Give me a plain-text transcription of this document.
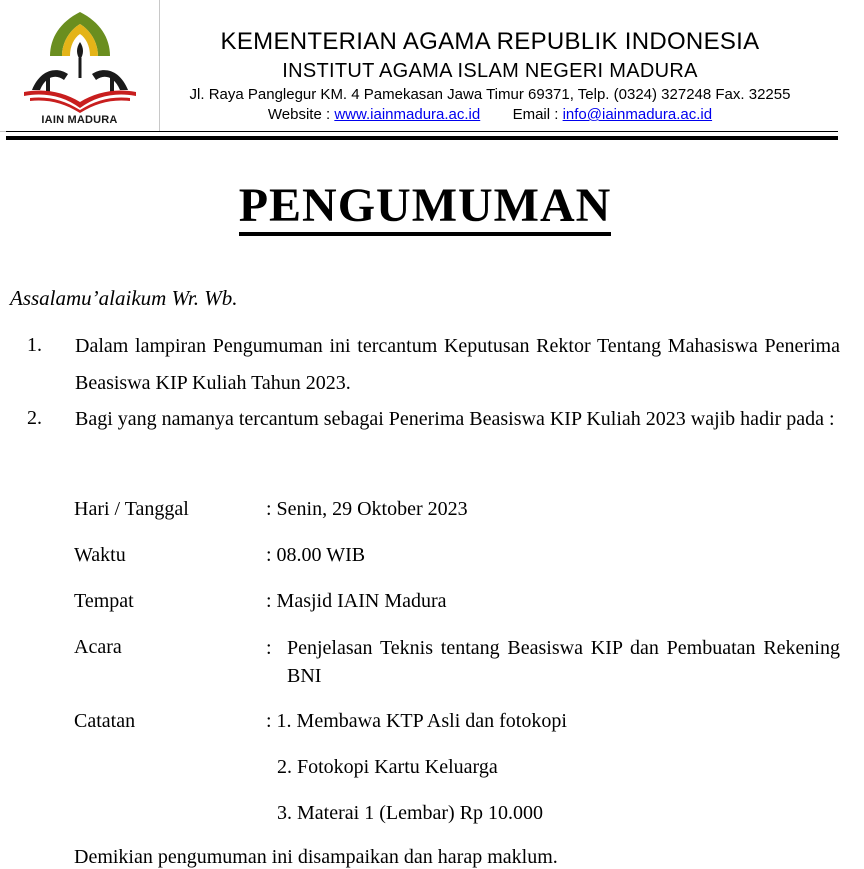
IAIN MADURA
KEMENTERIAN AGAMA REPUBLIK INDONESIA
INSTITUT AGAMA ISLAM NEGERI MADURA
Jl. Raya Panglegur KM. 4 Pamekasan Jawa Timur 69371, Telp. (0324) 327248 Fax. 32255
Website : www.iainmadura.ac.id Email : info@iainmadura.ac.id
PENGUMUMAN
Assalamu’alaikum Wr. Wb.
1. Dalam lampiran Pengumuman ini tercantum Keputusan Rektor Tentang Mahasiswa Penerima Beasiswa KIP Kuliah Tahun 2023.
2. Bagi yang namanya tercantum sebagai Penerima Beasiswa KIP Kuliah 2023 wajib hadir pada :
Hari / Tanggal	: Senin, 29 Oktober 2023
Waktu	: 08.00 WIB
Tempat	: Masjid IAIN Madura
Acara	: Penjelasan Teknis tentang Beasiswa KIP dan Pembuatan Rekening BNI
Catatan	: 1. Membawa KTP Asli dan fotokopi
2. Fotokopi Kartu Keluarga
3. Materai 1 (Lembar) Rp 10.000
Demikian pengumuman ini disampaikan dan harap maklum.
